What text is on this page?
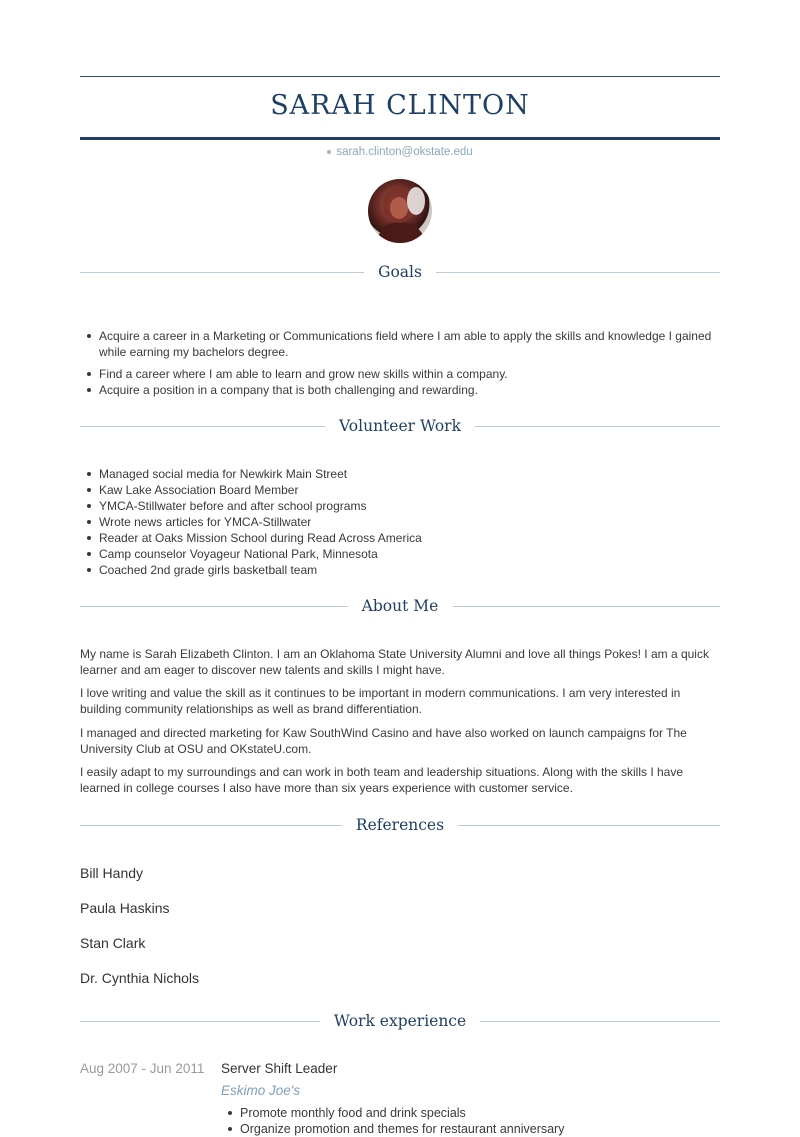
SARAH CLINTON
sarah.clinton@okstate.edu
Goals
Acquire a career in a Marketing or Communications field where I am able to apply the skills and knowledge I gained while earning my bachelors degree.
Find a career where I am able to learn and grow new skills within a company.
Acquire a position in a company that is both challenging and rewarding.
Volunteer Work
Managed social media for Newkirk Main Street
Kaw Lake Association Board Member
YMCA-Stillwater before and after school programs
Wrote news articles for YMCA-Stillwater
Reader at Oaks Mission School during Read Across America
Camp counselor Voyageur National Park, Minnesota
Coached 2nd grade girls basketball team
About Me

My name is Sarah Elizabeth Clinton. I am an Oklahoma State University Alumni and love all things Pokes! I am a quick learner and am eager to discover new talents and skills I might have.

I love writing and value the skill as it continues to be important in modern communications. I am very interested in building community relationships as well as brand differentiation.

I managed and directed marketing for Kaw SouthWind Casino and have also worked on launch campaigns for The University Club at OSU and OKstateU.com.

I easily adapt to my surroundings and can work in both team and leadership situations. Along with the skills I have learned in college courses I also have more than six years experience with customer service.

References
Bill Handy
Paula Haskins
Stan Clark
Dr. Cynthia Nichols
Work experience
Aug 2007 - Jun 2011 Server Shift Leader
Eskimo Joe's
Promote monthly food and drink specials
Organize promotion and themes for restaurant anniversary
